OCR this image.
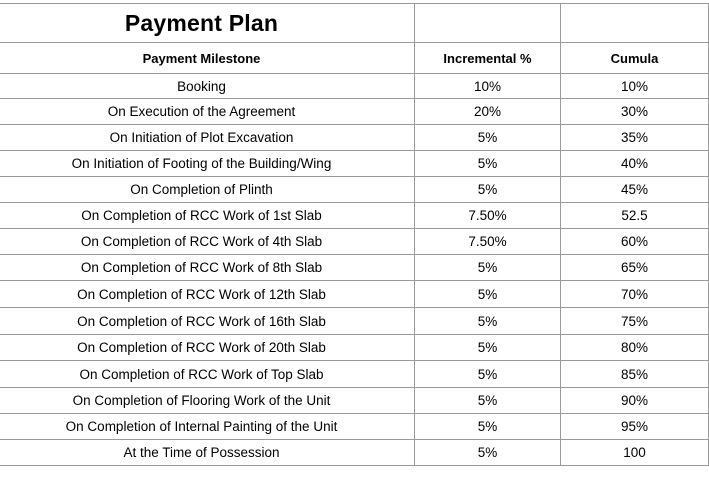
Payment Plan		
Payment Milestone	Incremental %	Cumula
Booking	10%	10%
On Execution of the Agreement	20%	30%
On Initiation of Plot Excavation	5%	35%
On Initiation of Footing of the Building/Wing	5%	40%
On Completion of Plinth	5%	45%
On Completion of RCC Work of 1st Slab	7.50%	52.5
On Completion of RCC Work of 4th Slab	7.50%	60%
On Completion of RCC Work of 8th Slab	5%	65%
On Completion of RCC Work of 12th Slab	5%	70%
On Completion of RCC Work of 16th Slab	5%	75%
On Completion of RCC Work of 20th Slab	5%	80%
On Completion of RCC Work of Top Slab	5%	85%
On Completion of Flooring Work of the Unit	5%	90%
On Completion of Internal Painting of the Unit	5%	95%
At the Time of Possession	5%	100
